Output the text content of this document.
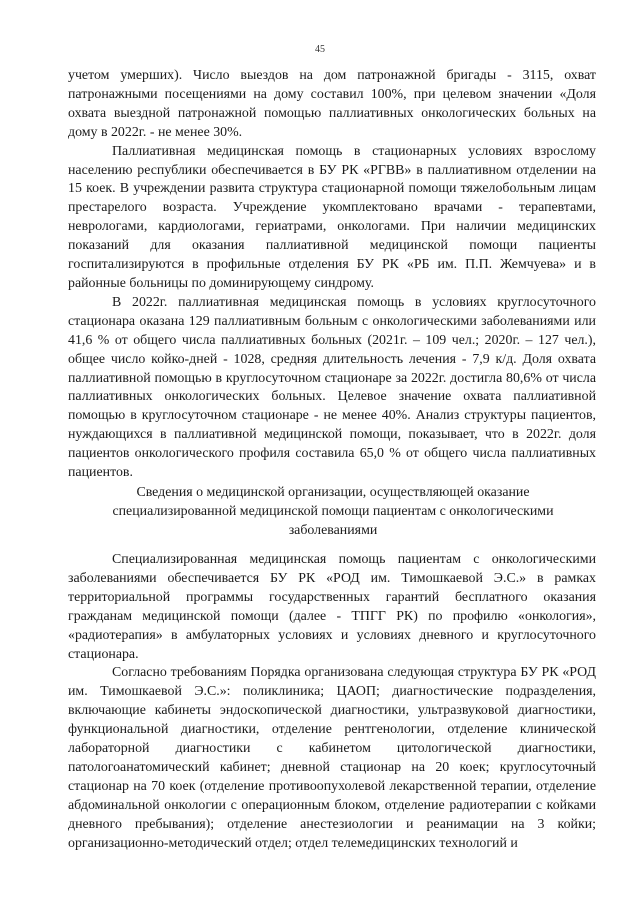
45

учетом умерших). Число выездов на дом патронажной бригады - 3115, охват патронажными посещениями на дому составил 100%, при целевом значении «Доля охвата выездной патронажной помощью паллиативных онкологических больных на дому в 2022г. - не менее 30%.

Паллиативная медицинская помощь в стационарных условиях взрослому населению республики обеспечивается в БУ РК «РГВВ» в паллиативном отделении на 15 коек. В учреждении развита структура стационарной помощи тяжелобольным лицам престарелого возраста. Учреждение укомплектовано врачами - терапевтами, неврологами, кардиологами, гериатрами, онкологами. При наличии медицинских показаний для оказания паллиативной медицинской помощи пациенты госпитализируются в профильные отделения БУ РК «РБ им. П.П. Жемчуева» и в районные больницы по доминирующему синдрому.

В 2022г. паллиативная медицинская помощь в условиях круглосуточного стационара оказана 129 паллиативным больным с онкологическими заболеваниями или 41,6 % от общего числа паллиативных больных (2021г. – 109 чел.; 2020г. – 127 чел.), общее число койко-дней - 1028, средняя длительность лечения - 7,9 к/д. Доля охвата паллиативной помощью в круглосуточном стационаре за 2022г. достигла 80,6% от числа паллиативных онкологических больных. Целевое значение охвата паллиативной помощью в круглосуточном стационаре - не менее 40%. Анализ структуры пациентов, нуждающихся в паллиативной медицинской помощи, показывает, что в 2022г. доля пациентов онкологического профиля составила 65,0 % от общего числа паллиативных пациентов.

Сведения о медицинской организации, осуществляющей оказание специализированной медицинской помощи пациентам с онкологическими заболеваниями

Специализированная медицинская помощь пациентам с онкологическими заболеваниями обеспечивается БУ РК «РОД им. Тимошкаевой Э.С.» в рамках территориальной программы государственных гарантий бесплатного оказания гражданам медицинской помощи (далее - ТПГГ РК) по профилю «онкология», «радиотерапия» в амбулаторных условиях и условиях дневного и круглосуточного стационара.

Согласно требованиям Порядка организована следующая структура БУ РК «РОД им. Тимошкаевой Э.С.»: поликлиника; ЦАОП; диагностические подразделения, включающие кабинеты эндоскопической диагностики, ультразвуковой диагностики, функциональной диагностики, отделение рентгенологии, отделение клинической лабораторной диагностики с кабинетом цитологической диагностики, патологоанатомический кабинет; дневной стационар на 20 коек; круглосуточный стационар на 70 коек (отделение противоопухолевой лекарственной терапии, отделение абдоминальной онкологии с операционным блоком, отделение радиотерапии с койками дневного пребывания); отделение анестезиологии и реанимации на 3 койки; организационно-методический отдел; отдел телемедицинских технологий и
